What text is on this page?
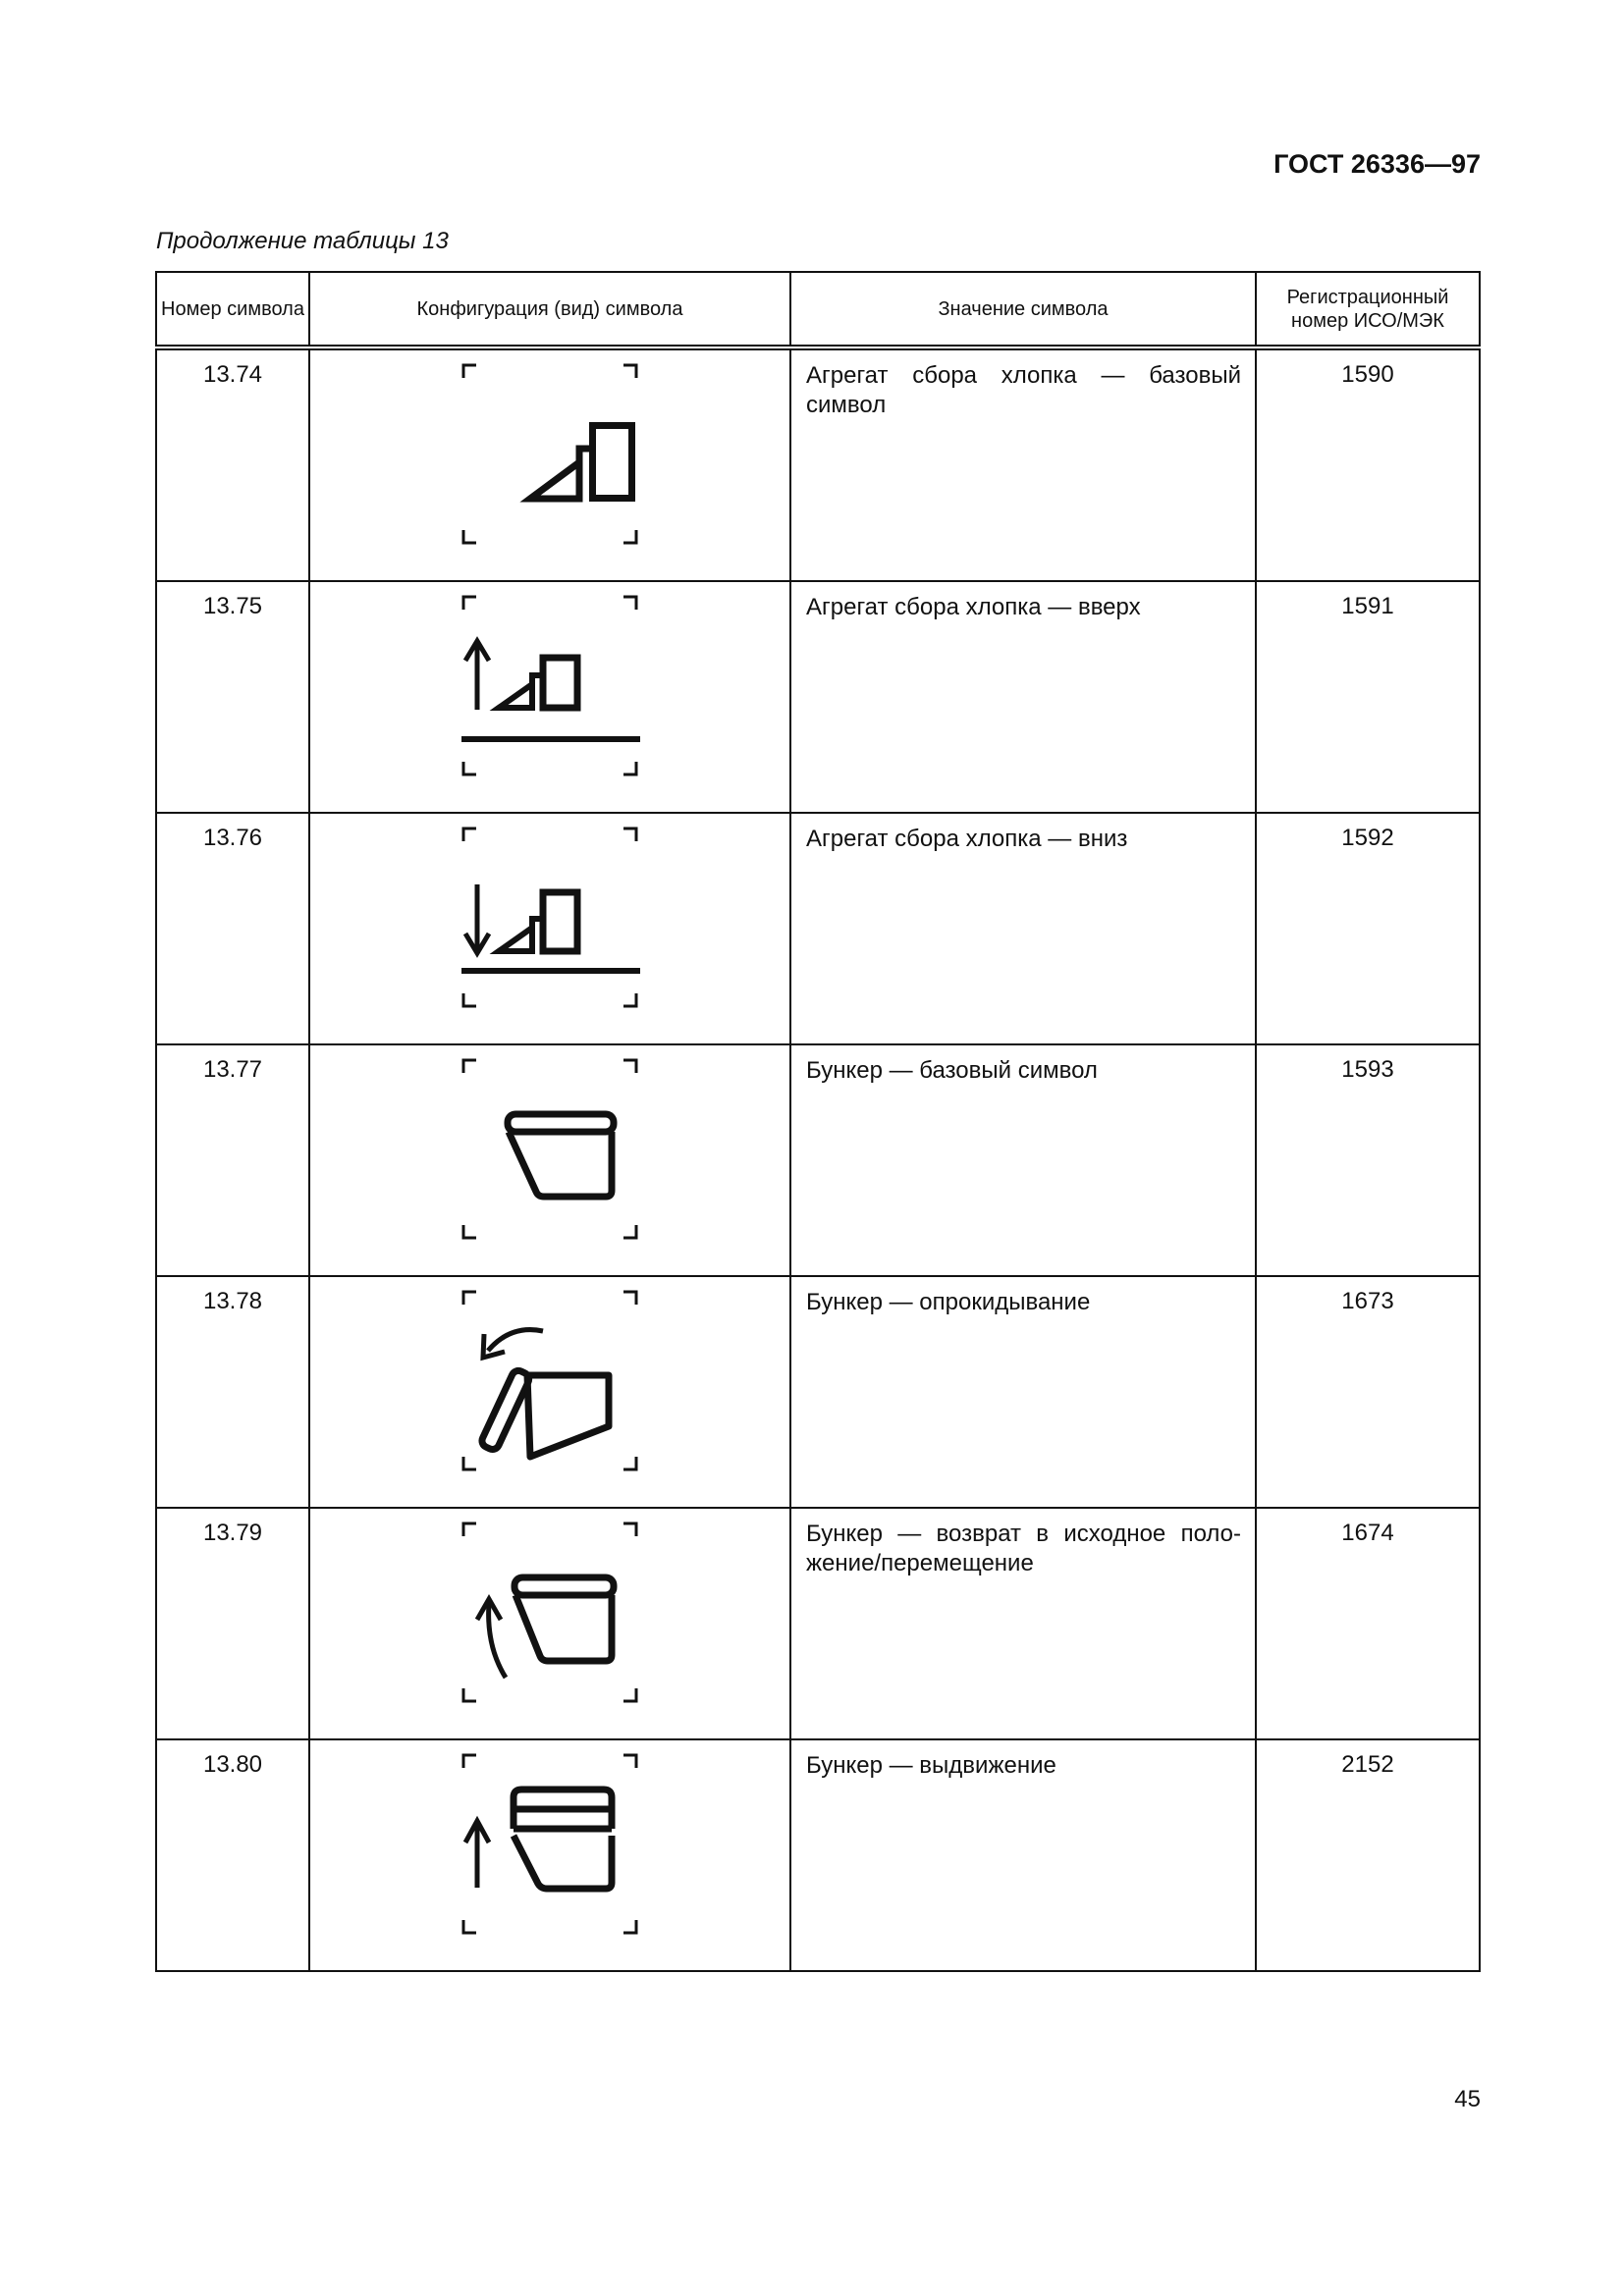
ГОСТ 26336—97
Продолжение таблицы 13
Номер символа	Конфигурация (вид) символа	Значение символа	Регистрационный номер ИСО/МЭК
13.74		Агрегат сбора хлопка — базовый символ	1590
13.75		Агрегат сбора хлопка — вверх	1591
13.76		Агрегат сбора хлопка — вниз	1592
13.77		Бункер — базовый символ	1593
13.78		Бункер — опрокидывание	1673
13.79		Бункер — возврат в исходное поло-жение/перемещение	1674
13.80		Бункер — выдвижение	2152
45
